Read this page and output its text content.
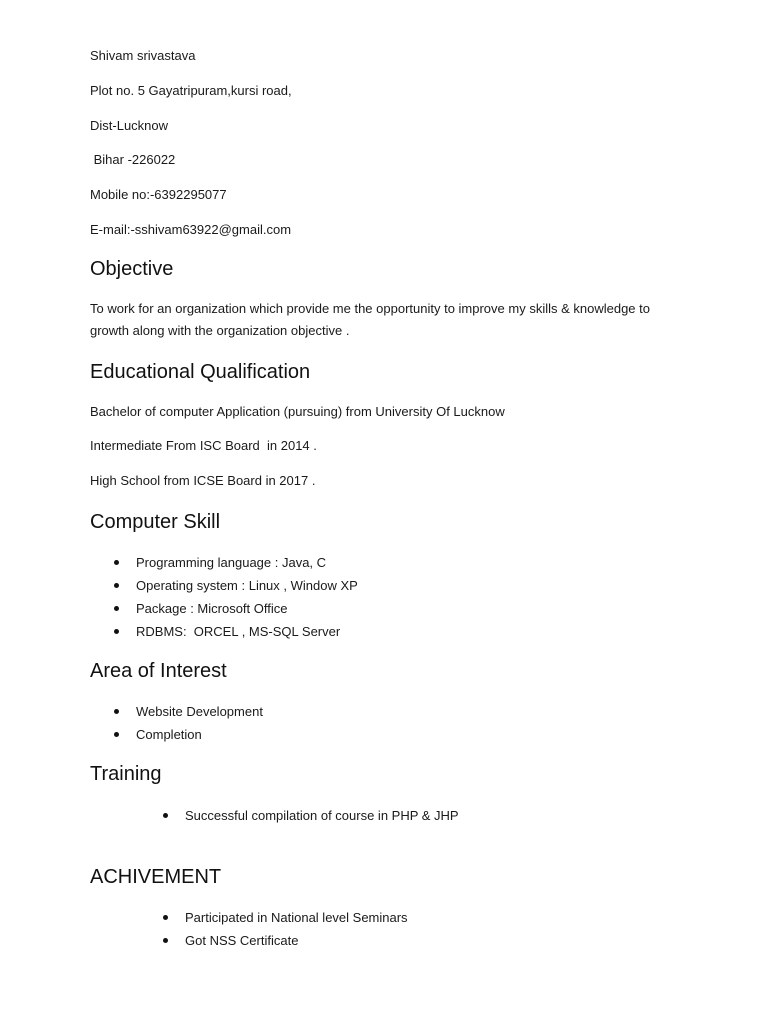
Shivam srivastava
Plot no. 5 Gayatripuram,kursi road,
Dist-Lucknow
Bihar -226022
Mobile no:-6392295077
E-mail:-sshivam63922@gmail.com
Objective
To work for an organization which provide me the opportunity to improve my skills & knowledge to growth along with the organization objective .
Educational Qualification
Bachelor of computer Application (pursuing) from University Of Lucknow
Intermediate From ISC Board  in 2014 .
High School from ICSE Board in 2017 .
Computer Skill
Programming language : Java, C
Operating system : Linux , Window XP
Package : Microsoft Office
RDBMS:  ORCEL , MS-SQL Server
Area of Interest
Website Development
Completion
Training
Successful compilation of course in PHP & JHP
ACHIVEMENT
Participated in National level Seminars
Got NSS Certificate
